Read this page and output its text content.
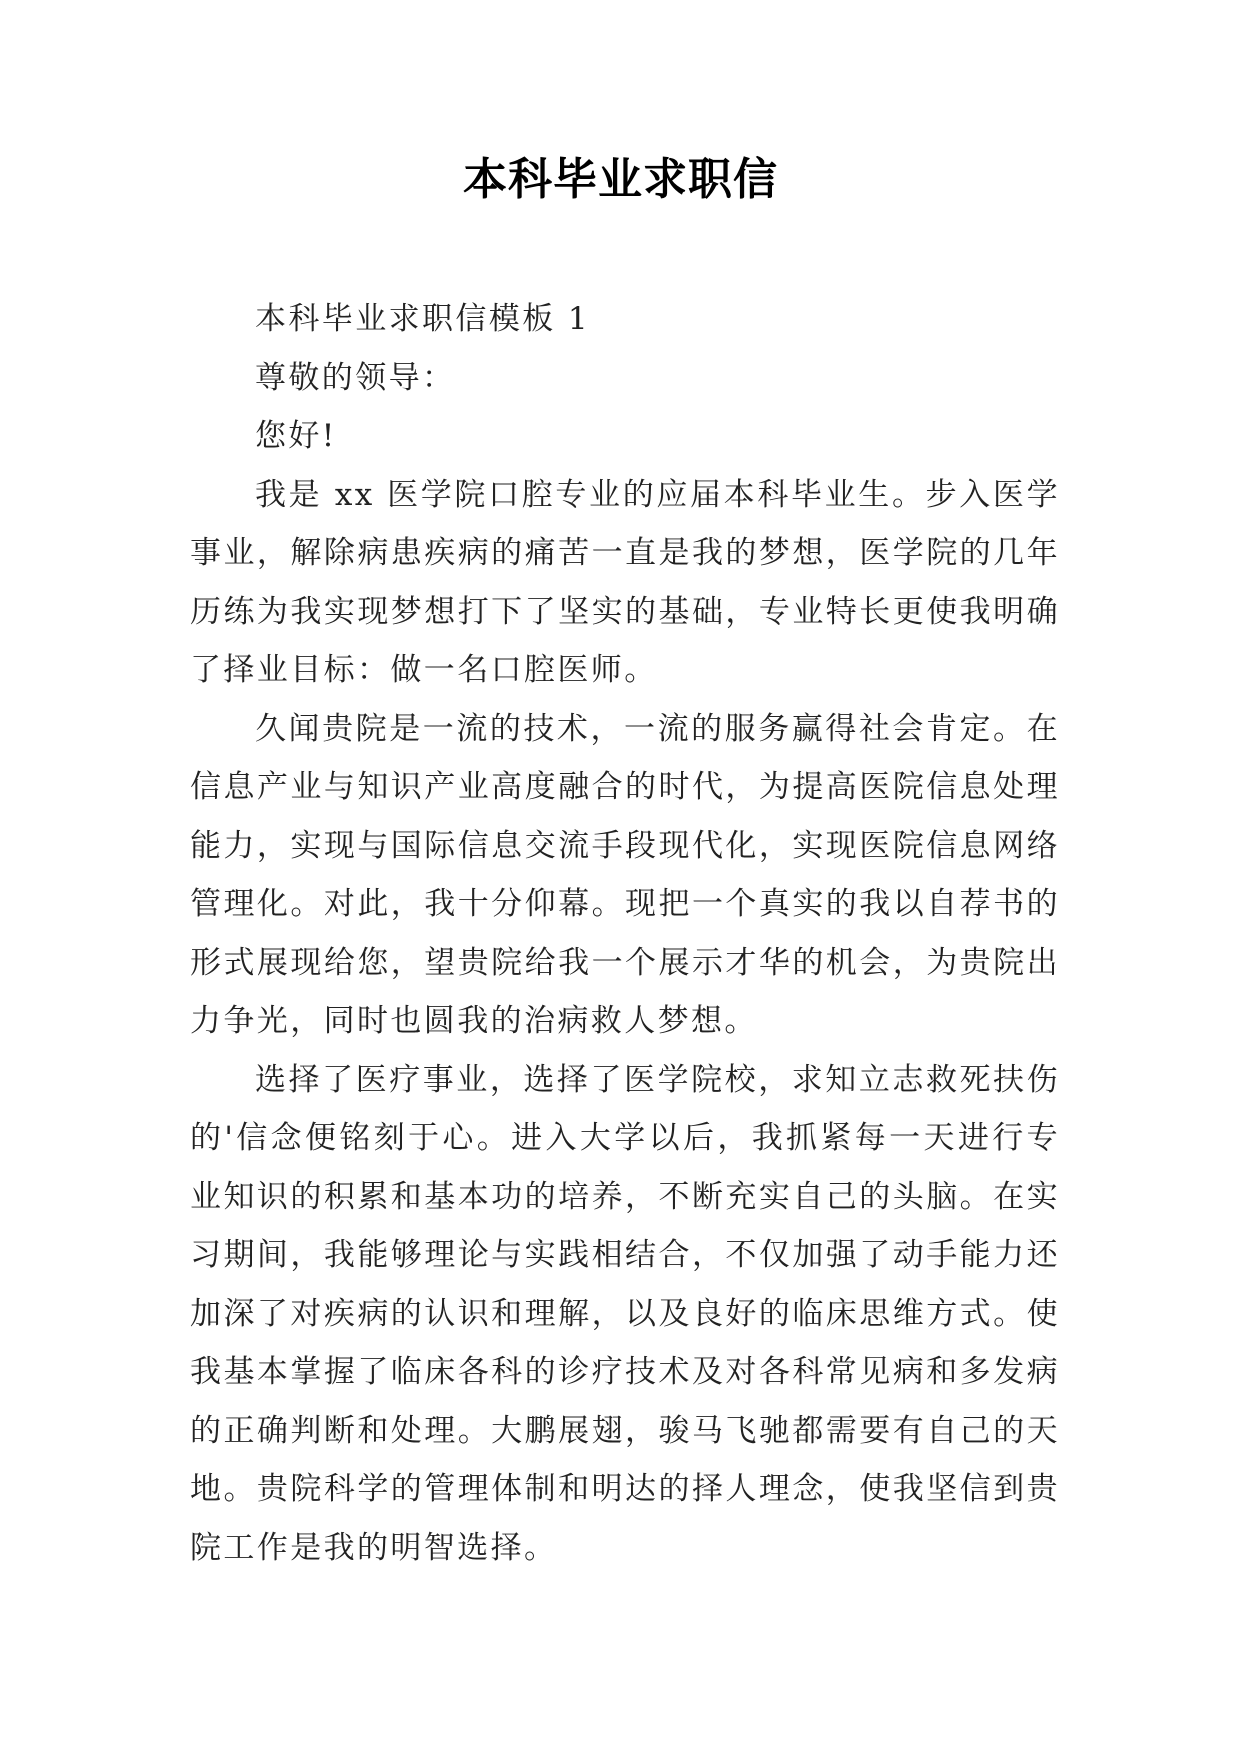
本科毕业求职信

本科毕业求职信模板 1

尊敬的领导：

您好!

我是 xx 医学院口腔专业的应届本科毕业生。步入医学事业，解除病患疾病的痛苦一直是我的梦想，医学院的几年历练为我实现梦想打下了坚实的基础，专业特长更使我明确了择业目标：做一名口腔医师。

久闻贵院是一流的技术，一流的服务赢得社会肯定。在信息产业与知识产业高度融合的时代，为提高医院信息处理能力，实现与国际信息交流手段现代化，实现医院信息网络管理化。对此，我十分仰幕。现把一个真实的我以自荐书的形式展现给您，望贵院给我一个展示才华的机会，为贵院出力争光，同时也圆我的治病救人梦想。

选择了医疗事业，选择了医学院校，求知立志救死扶伤的'信念便铭刻于心。进入大学以后，我抓紧每一天进行专业知识的积累和基本功的培养，不断充实自己的头脑。在实习期间，我能够理论与实践相结合，不仅加强了动手能力还加深了对疾病的认识和理解，以及良好的临床思维方式。使我基本掌握了临床各科的诊疗技术及对各科常见病和多发病的正确判断和处理。大鹏展翅，骏马飞驰都需要有自己的天地。贵院科学的管理体制和明达的择人理念，使我坚信到贵院工作是我的明智选择。
